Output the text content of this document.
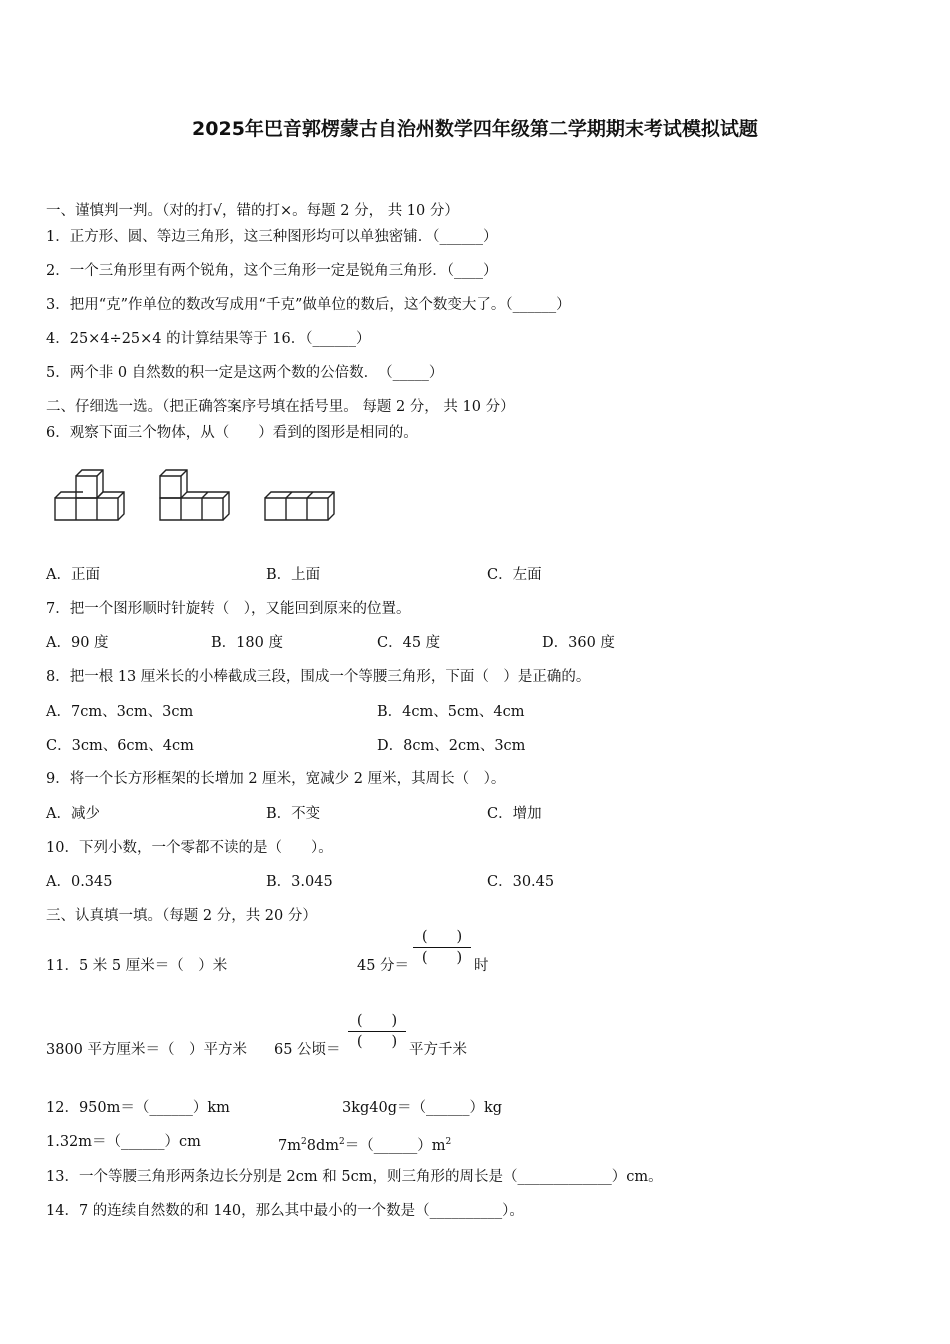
2025年巴音郭楞蒙古自治州数学四年级第二学期期末考试模拟试题
一、谨慎判一判。（对的打√，错的打×。每题 2 分， 共 10 分）
1．正方形、圆、等边三角形，这三种图形均可以单独密铺．（______）
2．一个三角形里有两个锐角，这个三角形一定是锐角三角形．（____）
3．把用“克”作单位的数改写成用“千克”做单位的数后，这个数变大了。（______）
4．25×4÷25×4 的计算结果等于 16．（______）
5．两个非 0 自然数的积一定是这两个数的公倍数．　（_____）
二、仔细选一选。（把正确答案序号填在括号里。 每题 2 分， 共 10 分）
6．观察下面三个物体，从（　　）看到的图形是相同的。
A．正面	B．上面	C．左面
7．把一个图形顺时针旋转（　），又能回到原来的位置。
A．90 度	B．180 度	C．45 度	D．360 度
8．把一根 13 厘米长的小棒截成三段，围成一个等腰三角形，下面（　）是正确的。
A．7cm、3cm、3cm	B．4cm、5cm、4cm
C．3cm、6cm、4cm	D．8cm、2cm、3cm
9．将一个长方形框架的长增加 2 厘米，宽减少 2 厘米，其周长（　）。
A．减少	B．不变	C．增加
10．下列小数，一个零都不读的是（　　）。
A．0.345	B．3.045	C．30.45
三、认真填一填。（每题 2 分，共 20 分）
11．5 米 5 厘米＝（　）米	45 分＝
(　　)
(　　) 时
3800 平方厘米＝（　）平方米 65 公顷＝
(　　)
(　　) 平方千米
12．950m＝（______）km	3kg40g＝（______）kg
1.32m＝（______）cm	$7m^28dm^2=(\_\_\_\_\_\_)m^2$
13．一个等腰三角形两条边长分别是 2cm 和 5cm，则三角形的周长是（_____________）cm。
14．7 的连续自然数的和 140，那么其中最小的一个数是（__________）。
